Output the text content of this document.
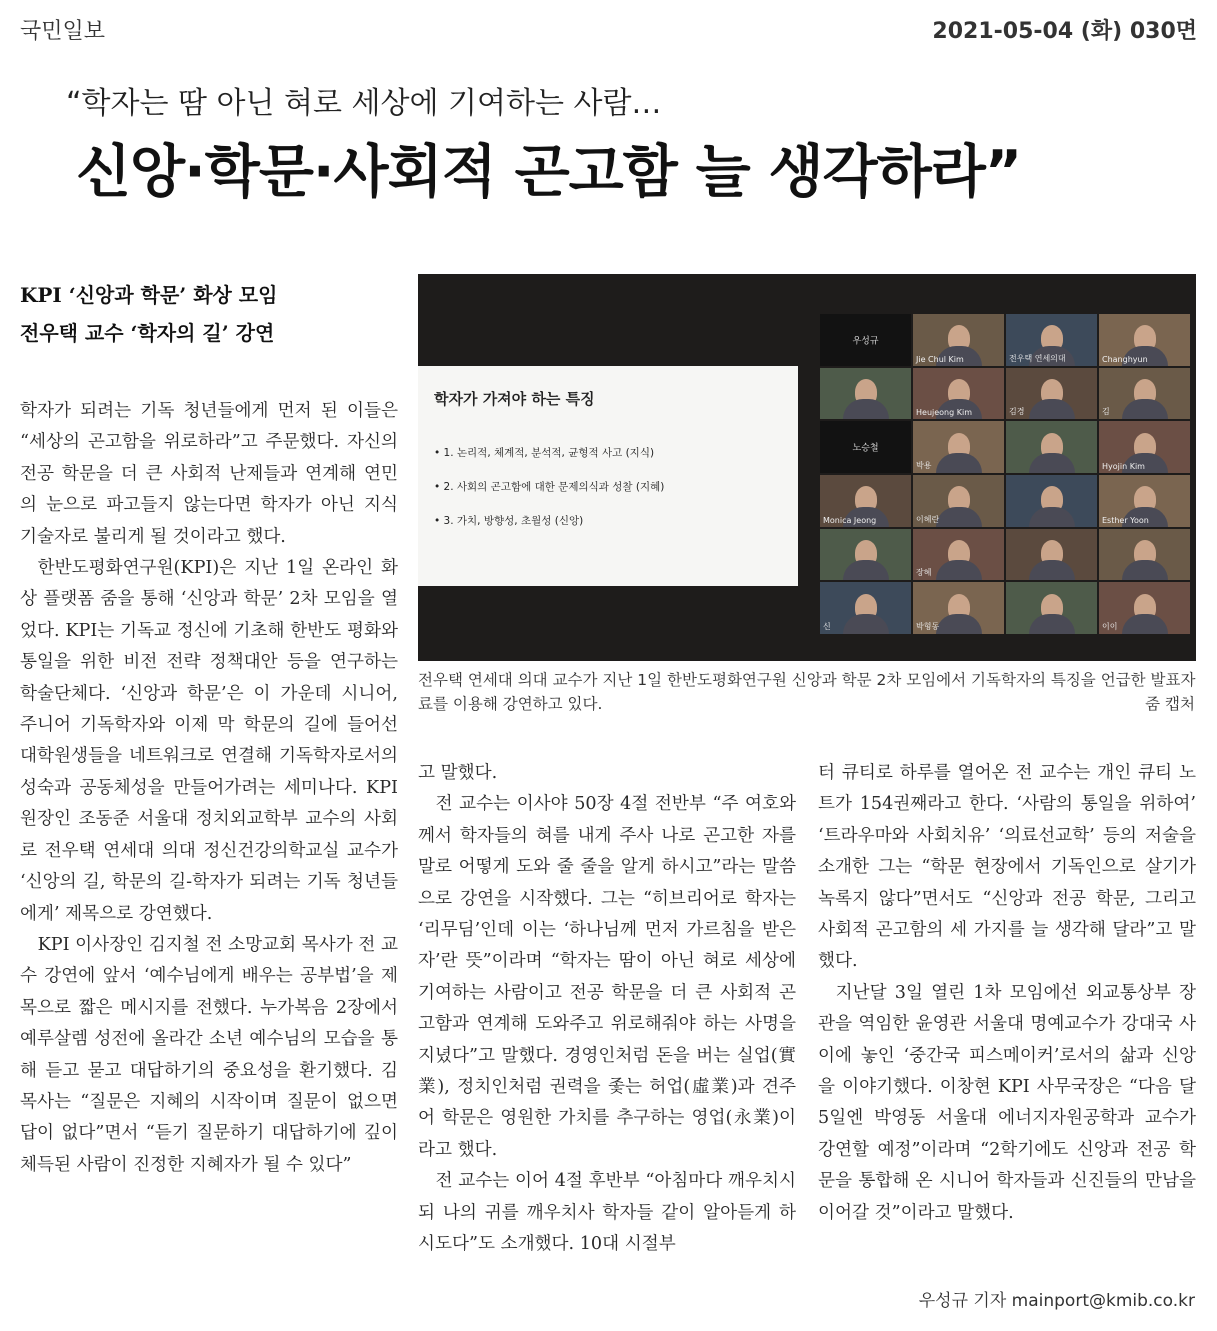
국민일보	2021-05-04 (화) 030면
“학자는 땀 아닌 혀로 세상에 기여하는 사람…
신앙·학문·사회적 곤고함 늘 생각하라”
KPI ‘신앙과 학문’ 화상 모임
전우택 교수 ‘학자의 길’ 강연

학자가 되려는 기독 청년들에게 먼저 된 이들은 “세상의 곤고함을 위로하라”고 주문했다. 자신의 전공 학문을 더 큰 사회적 난제들과 연계해 연민의 눈으로 파고들지 않는다면 학자가 아닌 지식 기술자로 불리게 될 것이라고 했다.

한반도평화연구원(KPI)은 지난 1일 온라인 화상 플랫폼 줌을 통해 ‘신앙과 학문’ 2차 모임을 열었다. KPI는 기독교 정신에 기초해 한반도 평화와 통일을 위한 비전 전략 정책대안 등을 연구하는 학술단체다. ‘신앙과 학문’은 이 가운데 시니어, 주니어 기독학자와 이제 막 학문의 길에 들어선 대학원생들을 네트워크로 연결해 기독학자로서의 성숙과 공동체성을 만들어가려는 세미나다. KPI 원장인 조동준 서울대 정치외교학부 교수의 사회로 전우택 연세대 의대 정신건강의학교실 교수가 ‘신앙의 길, 학문의 길-학자가 되려는 기독 청년들에게’ 제목으로 강연했다.

KPI 이사장인 김지철 전 소망교회 목사가 전 교수 강연에 앞서 ‘예수님에게 배우는 공부법’을 제목으로 짧은 메시지를 전했다. 누가복음 2장에서 예루살렘 성전에 올라간 소년 예수님의 모습을 통해 듣고 묻고 대답하기의 중요성을 환기했다. 김 목사는 “질문은 지혜의 시작이며 질문이 없으면 답이 없다”면서 “듣기 질문하기 대답하기에 깊이 체득된 사람이 진정한 지혜자가 될 수 있다”

학자가 가져야 하는 특징
• 1. 논리적, 체계적, 분석적, 균형적 사고 (지식)
• 2. 사회의 곤고함에 대한 문제의식과 성찰 (지혜)
• 3. 가치, 방향성, 초월성 (신앙)
우성규
Jie Chul Kim	전우택 연세의대	Changhyun
Heujeong Kim	김경	김
노승철
박용	Hyojin Kim
Monica Jeong	이혜란	Esther Yoon
장혜
신	박형동	이이
전우택 연세대 의대 교수가 지난 1일 한반도평화연구원 신앙과 학문 2차 모임에서 기독학자의 특징을 언급한 발표자료를 이용해 강연하고 있다.	줌 캡처

고 말했다.

전 교수는 이사야 50장 4절 전반부 “주 여호와께서 학자들의 혀를 내게 주사 나로 곤고한 자를 말로 어떻게 도와 줄 줄을 알게 하시고”라는 말씀으로 강연을 시작했다. 그는 “히브리어로 학자는 ‘리무딤’인데 이는 ‘하나님께 먼저 가르침을 받은 자’란 뜻”이라며 “학자는 땀이 아닌 혀로 세상에 기여하는 사람이고 전공 학문을 더 큰 사회적 곤고함과 연계해 도와주고 위로해줘야 하는 사명을 지녔다”고 말했다. 경영인처럼 돈을 버는 실업(實業), 정치인처럼 권력을 좇는 허업(虛業)과 견주어 학문은 영원한 가치를 추구하는 영업(永業)이라고 했다.

전 교수는 이어 4절 후반부 “아침마다 깨우치시되 나의 귀를 깨우치사 학자들 같이 알아듣게 하시도다”도 소개했다. 10대 시절부

터 큐티로 하루를 열어온 전 교수는 개인 큐티 노트가 154권째라고 한다. ‘사람의 통일을 위하여’ ‘트라우마와 사회치유’ ‘의료선교학’ 등의 저술을 소개한 그는 “학문 현장에서 기독인으로 살기가 녹록지 않다”면서도 “신앙과 전공 학문, 그리고 사회적 곤고함의 세 가지를 늘 생각해 달라”고 말했다.

지난달 3일 열린 1차 모임에선 외교통상부 장관을 역임한 윤영관 서울대 명예교수가 강대국 사이에 놓인 ‘중간국 피스메이커’로서의 삶과 신앙을 이야기했다. 이창현 KPI 사무국장은 “다음 달 5일엔 박영동 서울대 에너지자원공학과 교수가 강연할 예정”이라며 “2학기에도 신앙과 전공 학문을 통합해 온 시니어 학자들과 신진들의 만남을 이어갈 것”이라고 말했다.

우성규 기자 mainport@kmib.co.kr
